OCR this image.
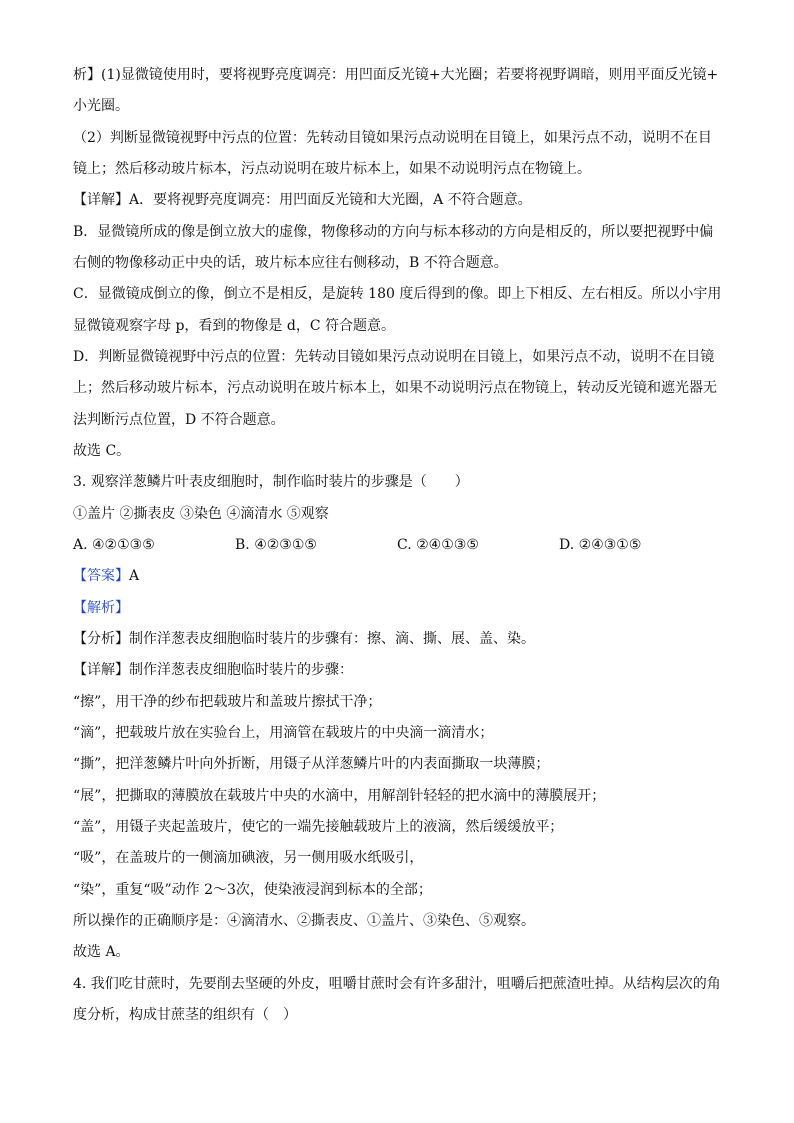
析】(1)显微镜使用时，要将视野亮度调亮：用凹面反光镜+大光圈；若要将视野调暗，则用平面反光镜+
小光圈。
（2）判断显微镜视野中污点的位置：先转动目镜如果污点动说明在目镜上，如果污点不动，说明不在目
镜上；然后移动玻片标本，污点动说明在玻片标本上，如果不动说明污点在物镜上。
【详解】A．要将视野亮度调亮：用凹面反光镜和大光圈，A 不符合题意。
B．显微镜所成的像是倒立放大的虚像，物像移动的方向与标本移动的方向是相反的，所以要把视野中偏
右侧的物像移动正中央的话，玻片标本应往右侧移动，B 不符合题意。
C．显微镜成倒立的像，倒立不是相反，是旋转 180 度后得到的像。即上下相反、左右相反。所以小宇用
显微镜观察字母 p，看到的物像是 d，C 符合题意。
D．判断显微镜视野中污点的位置：先转动目镜如果污点动说明在目镜上，如果污点不动，说明不在目镜
上；然后移动玻片标本，污点动说明在玻片标本上，如果不动说明污点在物镜上，转动反光镜和遮光器无
法判断污点位置，D 不符合题意。
故选 C。
3. 观察洋葱鳞片叶表皮细胞时，制作临时装片的步骤是（　　）
①盖片 ②撕表皮 ③染色 ④滴清水 ⑤观察
A. ④②①③⑤	B. ④②③①⑤	C. ②④①③⑤	D. ②④③①⑤
【答案】A
【解析】
【分析】制作洋葱表皮细胞临时装片的步骤有：擦、滴、撕、展、盖、染。
【详解】制作洋葱表皮细胞临时装片的步骤：
“擦”，用干净的纱布把载玻片和盖玻片擦拭干净；
“滴”，把载玻片放在实验台上，用滴管在载玻片的中央滴一滴清水；
“撕”，把洋葱鳞片叶向外折断，用镊子从洋葱鳞片叶的内表面撕取一块薄膜；
“展”，把撕取的薄膜放在载玻片中央的水滴中，用解剖针轻轻的把水滴中的薄膜展开；
“盖”，用镊子夹起盖玻片，使它的一端先接触载玻片上的液滴，然后缓缓放平；
“吸”，在盖玻片的一侧滴加碘液，另一侧用吸水纸吸引，
“染”，重复“吸”动作 2～3次，使染液浸润到标本的全部；
所以操作的正确顺序是：④滴清水、②撕表皮、①盖片、③染色、⑤观察。
故选 A。
4. 我们吃甘蔗时，先要削去坚硬的外皮，咀嚼甘蔗时会有许多甜汁，咀嚼后把蔗渣吐掉。从结构层次的角
度分析，构成甘蔗茎的组织有（　）
